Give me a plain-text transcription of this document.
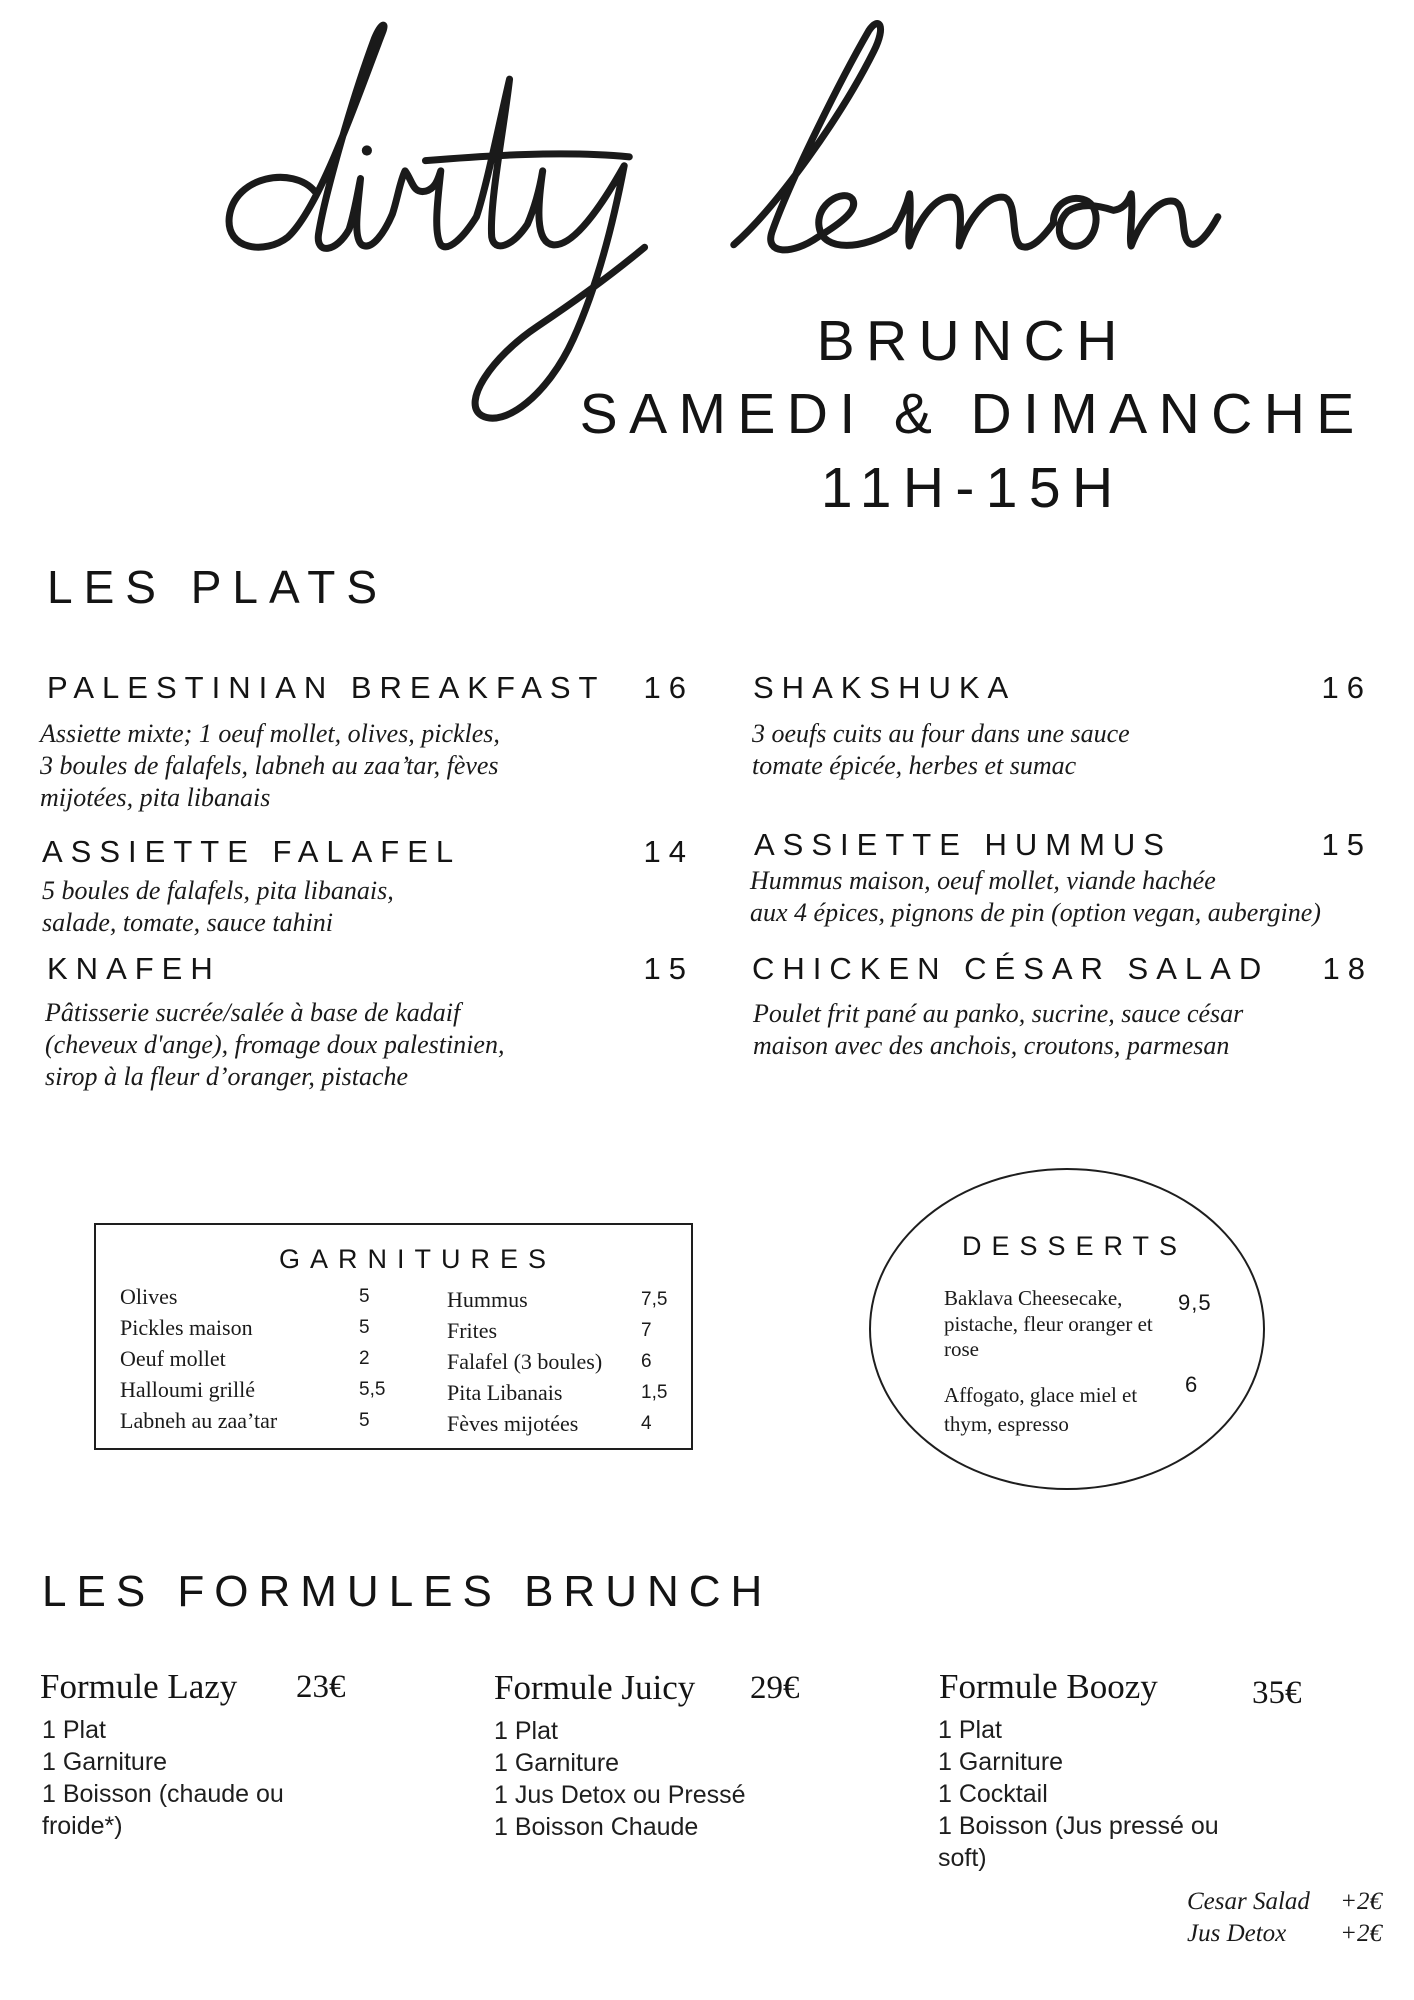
BRUNCH
SAMEDI & DIMANCHE
11H-15H
LES PLATS
PALESTINIAN BREAKFAST 16
Assiette mixte; 1 oeuf mollet, olives, pickles,
3 boules de falafels, labneh au zaa’tar, fèves
mijotées, pita libanais
ASSIETTE FALAFEL	14
5 boules de falafels, pita libanais,
salade, tomate, sauce tahini
KNAFEH	15
Pâtisserie sucrée/salée à base de kadaif
(cheveux d'ange), fromage doux palestinien,
sirop à la fleur d’oranger, pistache
SHAKSHUKA	16
3 oeufs cuits au four dans une sauce
tomate épicée, herbes et sumac
ASSIETTE HUMMUS	15
Hummus maison, oeuf mollet, viande hachée
aux 4 épices, pignons de pin (option vegan, aubergine)
CHICKEN CÉSAR SALAD 18
Poulet frit pané au panko, sucrine, sauce césar
maison avec des anchois, croutons, parmesan
GARNITURES
Olives	5
Pickles maison	5
Oeuf mollet	2
Halloumi grillé	5,5
Labneh au zaa’tar	5
Hummus	7,5
Frites	7
Falafel (3 boules) 6
Pita Libanais	1,5
Fèves mijotées	4
DESSERTS
Baklava Cheesecake,
pistache, fleur oranger et
rose
9,5
Affogato, glace miel et
thym, espresso
6
LES FORMULES BRUNCH
Formule Lazy 23€
1 Plat
1 Garniture
1 Boisson (chaude ou
froide*)
Formule Juicy 29€
1 Plat
1 Garniture
1 Jus Detox ou Pressé
1 Boisson Chaude
Formule Boozy	35€
1 Plat
1 Garniture
1 Cocktail
1 Boisson (Jus pressé ou
soft)
Cesar Salad +2€
Jus Detox +2€
